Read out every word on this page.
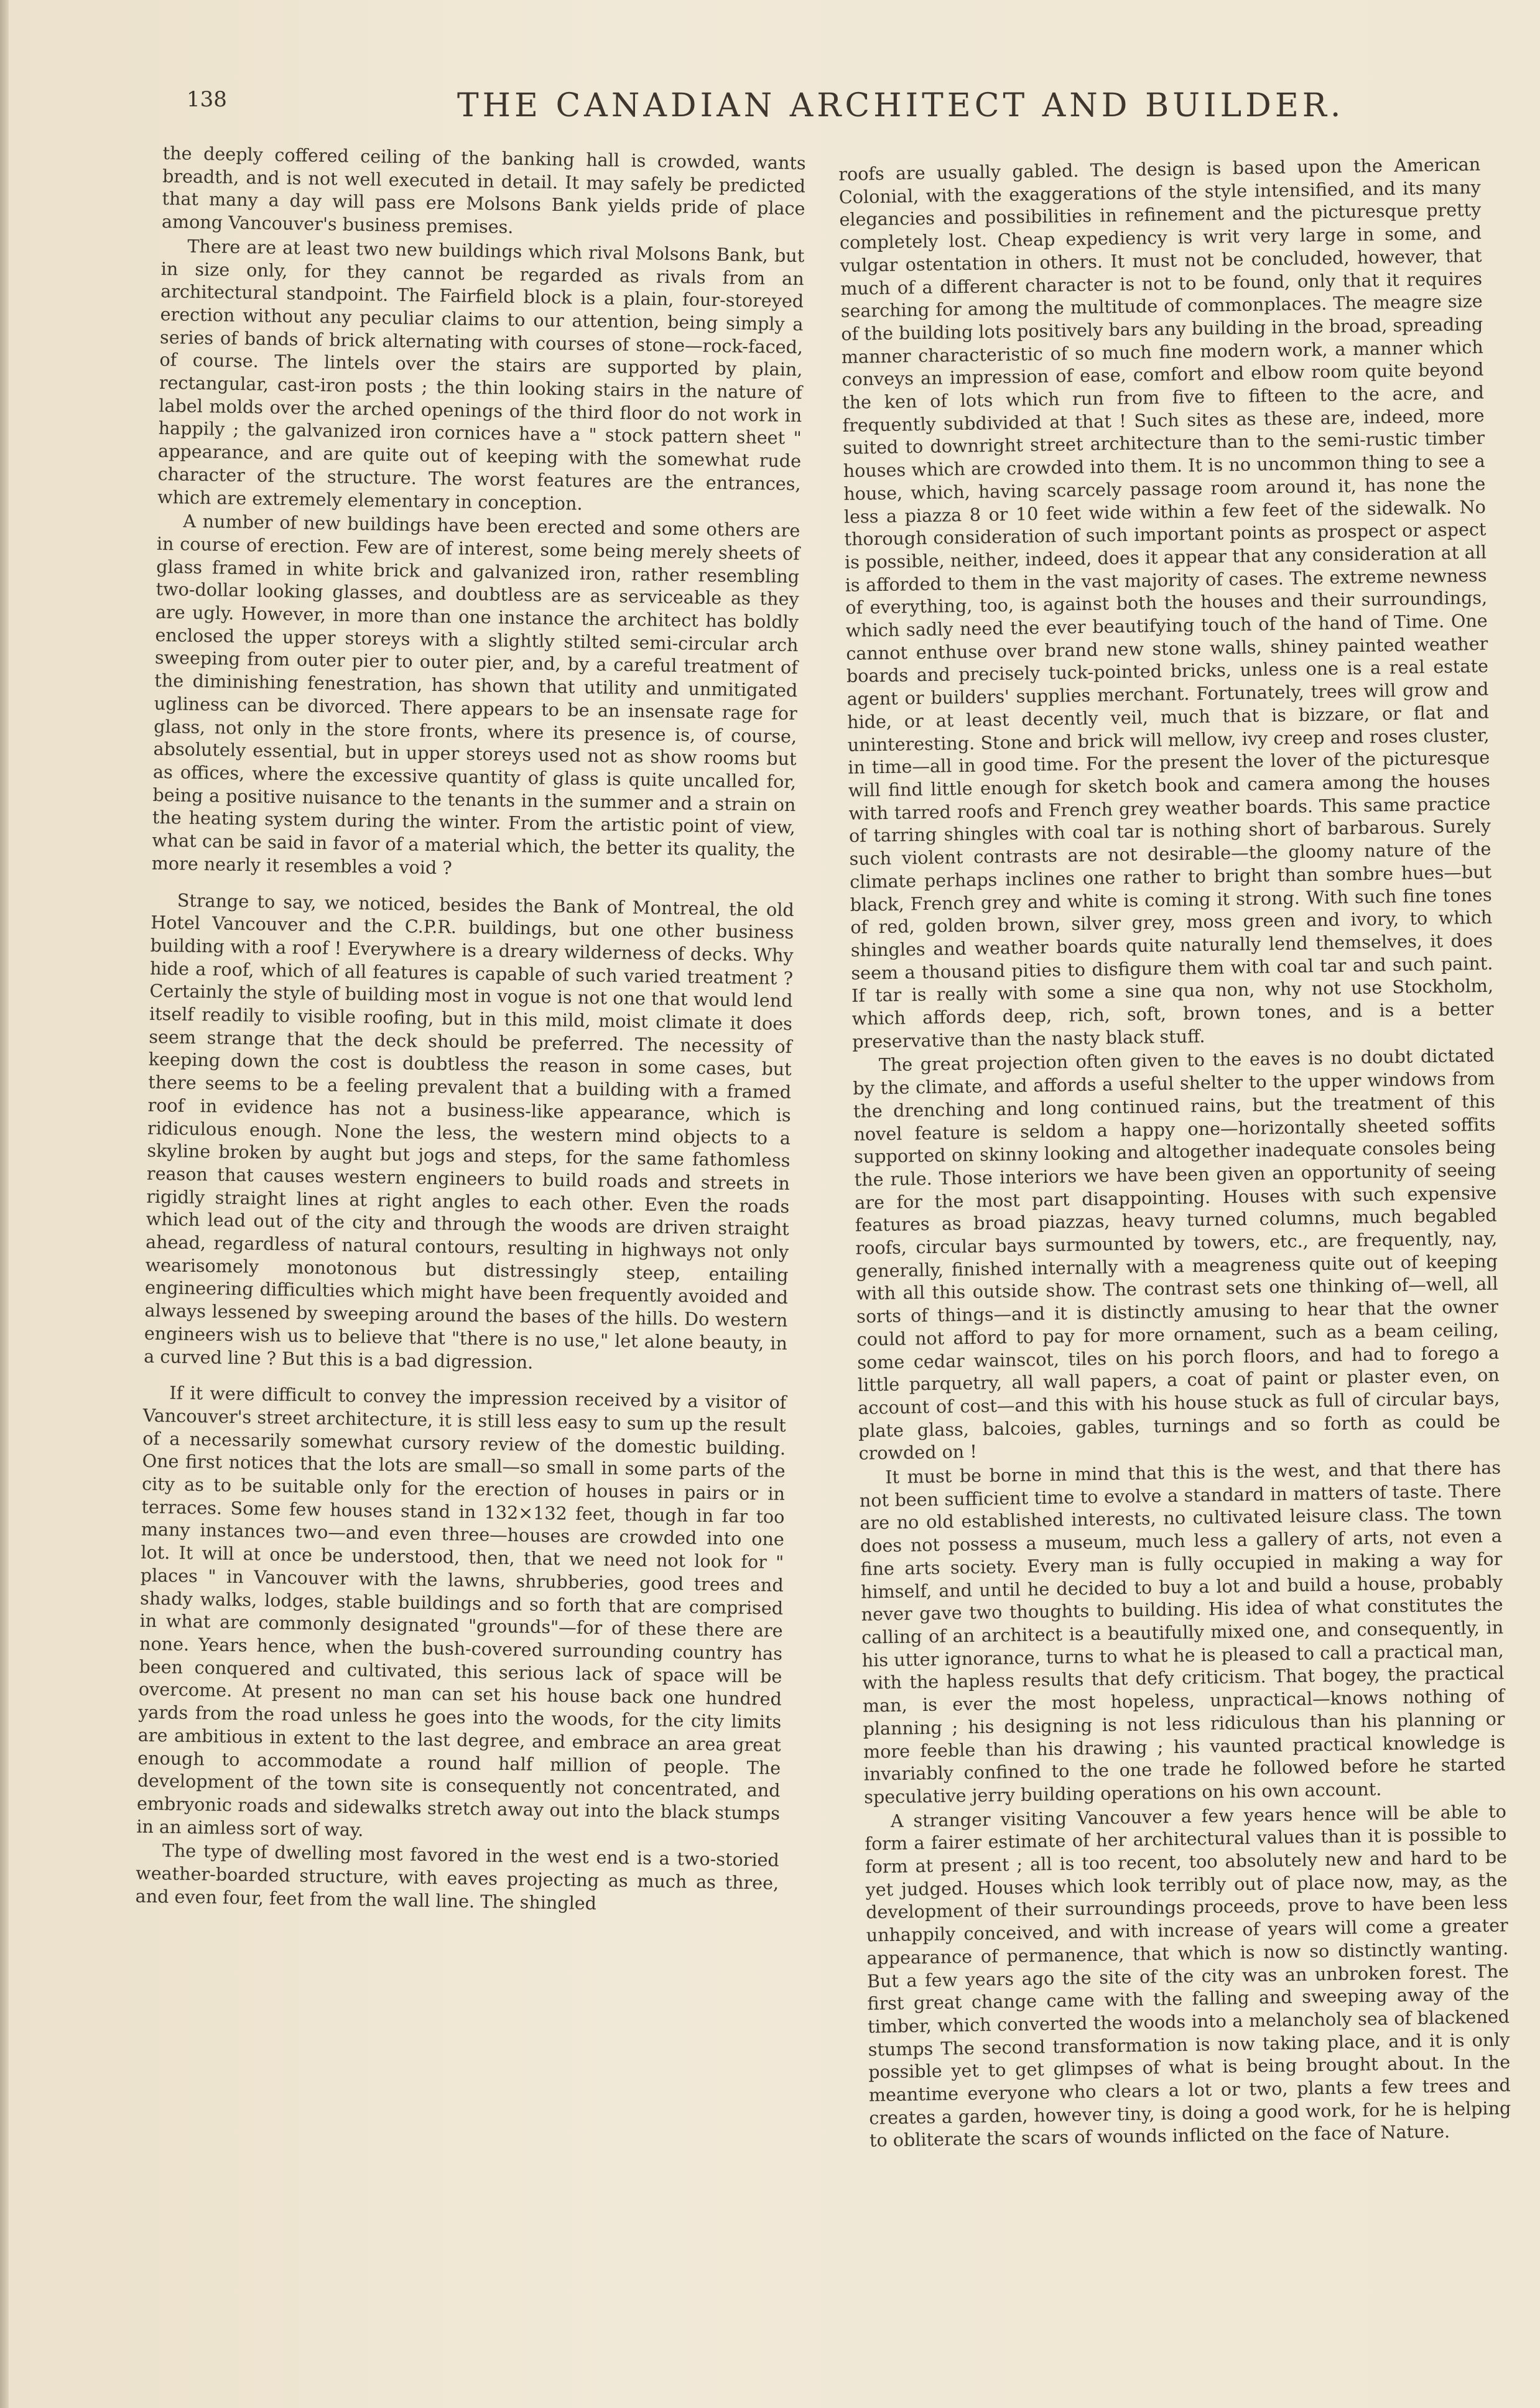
138	THE CANADIAN ARCHITECT AND BUILDER.

the deeply coffered ceiling of the banking hall is crowded, wants breadth, and is not well executed in detail. It may safely be predicted that many a day will pass ere Molsons Bank yields pride of place among Vancouver's business premises.

There are at least two new buildings which rival Molsons Bank, but in size only, for they cannot be regarded as rivals from an architectural standpoint. The Fairfield block is a plain, four-storeyed erection without any peculiar claims to our attention, being simply a series of bands of brick alternating with courses of stone—rock-faced, of course. The lintels over the stairs are supported by plain, rectangular, cast-iron posts ; the thin looking stairs in the nature of label molds over the arched openings of the third floor do not work in happily ; the galvanized iron cornices have a " stock pattern sheet " appearance, and are quite out of keeping with the somewhat rude character of the structure. The worst features are the entrances, which are extremely elementary in conception.

A number of new buildings have been erected and some others are in course of erection. Few are of interest, some being merely sheets of glass framed in white brick and galvanized iron, rather resembling two-dollar looking glasses, and doubtless are as serviceable as they are ugly. However, in more than one instance the architect has boldly enclosed the upper storeys with a slightly stilted semi-circular arch sweeping from outer pier to outer pier, and, by a careful treatment of the diminishing fenestration, has shown that utility and unmitigated ugliness can be divorced. There appears to be an insensate rage for glass, not only in the store fronts, where its presence is, of course, absolutely essential, but in upper storeys used not as show rooms but as offices, where the excessive quantity of glass is quite uncalled for, being a positive nuisance to the tenants in the summer and a strain on the heating system during the winter. From the artistic point of view, what can be said in favor of a material which, the better its quality, the more nearly it resembles a void ?

Strange to say, we noticed, besides the Bank of Montreal, the old Hotel Vancouver and the C.P.R. buildings, but one other business building with a roof ! Everywhere is a dreary wilderness of decks. Why hide a roof, which of all features is capable of such varied treatment ? Certainly the style of building most in vogue is not one that would lend itself readily to visible roofing, but in this mild, moist climate it does seem strange that the deck should be preferred. The necessity of keeping down the cost is doubtless the reason in some cases, but there seems to be a feeling prevalent that a building with a framed roof in evidence has not a business-like appearance, which is ridiculous enough. None the less, the western mind objects to a skyline broken by aught but jogs and steps, for the same fathomless reason that causes western engineers to build roads and streets in rigidly straight lines at right angles to each other. Even the roads which lead out of the city and through the woods are driven straight ahead, regardless of natural contours, resulting in highways not only wearisomely monotonous but distressingly steep, entailing engineering difficulties which might have been frequently avoided and always lessened by sweeping around the bases of the hills. Do western engineers wish us to believe that "there is no use," let alone beauty, in a curved line ? But this is a bad digression.

If it were difficult to convey the impression received by a visitor of Vancouver's street architecture, it is still less easy to sum up the result of a necessarily somewhat cursory review of the domestic building. One first notices that the lots are small—so small in some parts of the city as to be suitable only for the erection of houses in pairs or in terraces. Some few houses stand in 132×132 feet, though in far too many instances two—and even three—houses are crowded into one lot. It will at once be understood, then, that we need not look for " places " in Vancouver with the lawns, shrubberies, good trees and shady walks, lodges, stable buildings and so forth that are comprised in what are commonly designated "grounds"—for of these there are none. Years hence, when the bush-covered surrounding country has been conquered and cultivated, this serious lack of space will be overcome. At present no man can set his house back one hundred yards from the road unless he goes into the woods, for the city limits are ambitious in extent to the last degree, and embrace an area great enough to accommodate a round half million of people. The development of the town site is consequently not concentrated, and embryonic roads and sidewalks stretch away out into the black stumps in an aimless sort of way.

The type of dwelling most favored in the west end is a two-storied weather-boarded structure, with eaves projecting as much as three, and even four, feet from the wall line. The shingled

roofs are usually gabled. The design is based upon the American Colonial, with the exaggerations of the style intensified, and its many elegancies and possibilities in refinement and the picturesque pretty completely lost. Cheap expediency is writ very large in some, and vulgar ostentation in others. It must not be concluded, however, that much of a different character is not to be found, only that it requires searching for among the multitude of commonplaces. The meagre size of the building lots positively bars any building in the broad, spreading manner characteristic of so much fine modern work, a manner which conveys an impression of ease, comfort and elbow room quite beyond the ken of lots which run from five to fifteen to the acre, and frequently subdivided at that ! Such sites as these are, indeed, more suited to downright street architecture than to the semi-rustic timber houses which are crowded into them. It is no uncommon thing to see a house, which, having scarcely passage room around it, has none the less a piazza 8 or 10 feet wide within a few feet of the sidewalk. No thorough consideration of such important points as prospect or aspect is possible, neither, indeed, does it appear that any consideration at all is afforded to them in the vast majority of cases. The extreme newness of everything, too, is against both the houses and their surroundings, which sadly need the ever beautifying touch of the hand of Time. One cannot enthuse over brand new stone walls, shiney painted weather boards and precisely tuck-pointed bricks, unless one is a real estate agent or builders' supplies merchant. Fortunately, trees will grow and hide, or at least decently veil, much that is bizzare, or flat and uninteresting. Stone and brick will mellow, ivy creep and roses cluster, in time—all in good time. For the present the lover of the picturesque will find little enough for sketch book and camera among the houses with tarred roofs and French grey weather boards. This same practice of tarring shingles with coal tar is nothing short of barbarous. Surely such violent contrasts are not desirable—the gloomy nature of the climate perhaps inclines one rather to bright than sombre hues—but black, French grey and white is coming it strong. With such fine tones of red, golden brown, silver grey, moss green and ivory, to which shingles and weather boards quite naturally lend themselves, it does seem a thousand pities to disfigure them with coal tar and such paint. If tar is really with some a sine qua non, why not use Stockholm, which affords deep, rich, soft, brown tones, and is a better preservative than the nasty black stuff.

The great projection often given to the eaves is no doubt dictated by the climate, and affords a useful shelter to the upper windows from the drenching and long continued rains, but the treatment of this novel feature is seldom a happy one—horizontally sheeted soffits supported on skinny looking and altogether inadequate consoles being the rule. Those interiors we have been given an opportunity of seeing are for the most part disappointing. Houses with such expensive features as broad piazzas, heavy turned columns, much begabled roofs, circular bays surmounted by towers, etc., are frequently, nay, generally, finished internally with a meagreness quite out of keeping with all this outside show. The contrast sets one thinking of—well, all sorts of things—and it is distinctly amusing to hear that the owner could not afford to pay for more ornament, such as a beam ceiling, some cedar wainscot, tiles on his porch floors, and had to forego a little parquetry, all wall papers, a coat of paint or plaster even, on account of cost—and this with his house stuck as full of circular bays, plate glass, balcoies, gables, turnings and so forth as could be crowded on !

It must be borne in mind that this is the west, and that there has not been sufficient time to evolve a standard in matters of taste. There are no old established interests, no cultivated leisure class. The town does not possess a museum, much less a gallery of arts, not even a fine arts society. Every man is fully occupied in making a way for himself, and until he decided to buy a lot and build a house, probably never gave two thoughts to building. His idea of what constitutes the calling of an architect is a beautifully mixed one, and consequently, in his utter ignorance, turns to what he is pleased to call a practical man, with the hapless results that defy criticism. That bogey, the practical man, is ever the most hopeless, unpractical—knows nothing of planning ; his designing is not less ridiculous than his planning or more feeble than his drawing ; his vaunted practical knowledge is invariably confined to the one trade he followed before he started speculative jerry building operations on his own account.

A stranger visiting Vancouver a few years hence will be able to form a fairer estimate of her architectural values than it is possible to form at present ; all is too recent, too absolutely new and hard to be yet judged. Houses which look terribly out of place now, may, as the development of their surroundings proceeds, prove to have been less unhappily conceived, and with increase of years will come a greater appearance of permanence, that which is now so distinctly wanting. But a few years ago the site of the city was an unbroken forest. The first great change came with the falling and sweeping away of the timber, which converted the woods into a melancholy sea of blackened stumps The second transformation is now taking place, and it is only possible yet to get glimpses of what is being brought about. In the meantime everyone who clears a lot or two, plants a few trees and creates a garden, however tiny, is doing a good work, for he is helping to obliterate the scars of wounds inflicted on the face of Nature.
